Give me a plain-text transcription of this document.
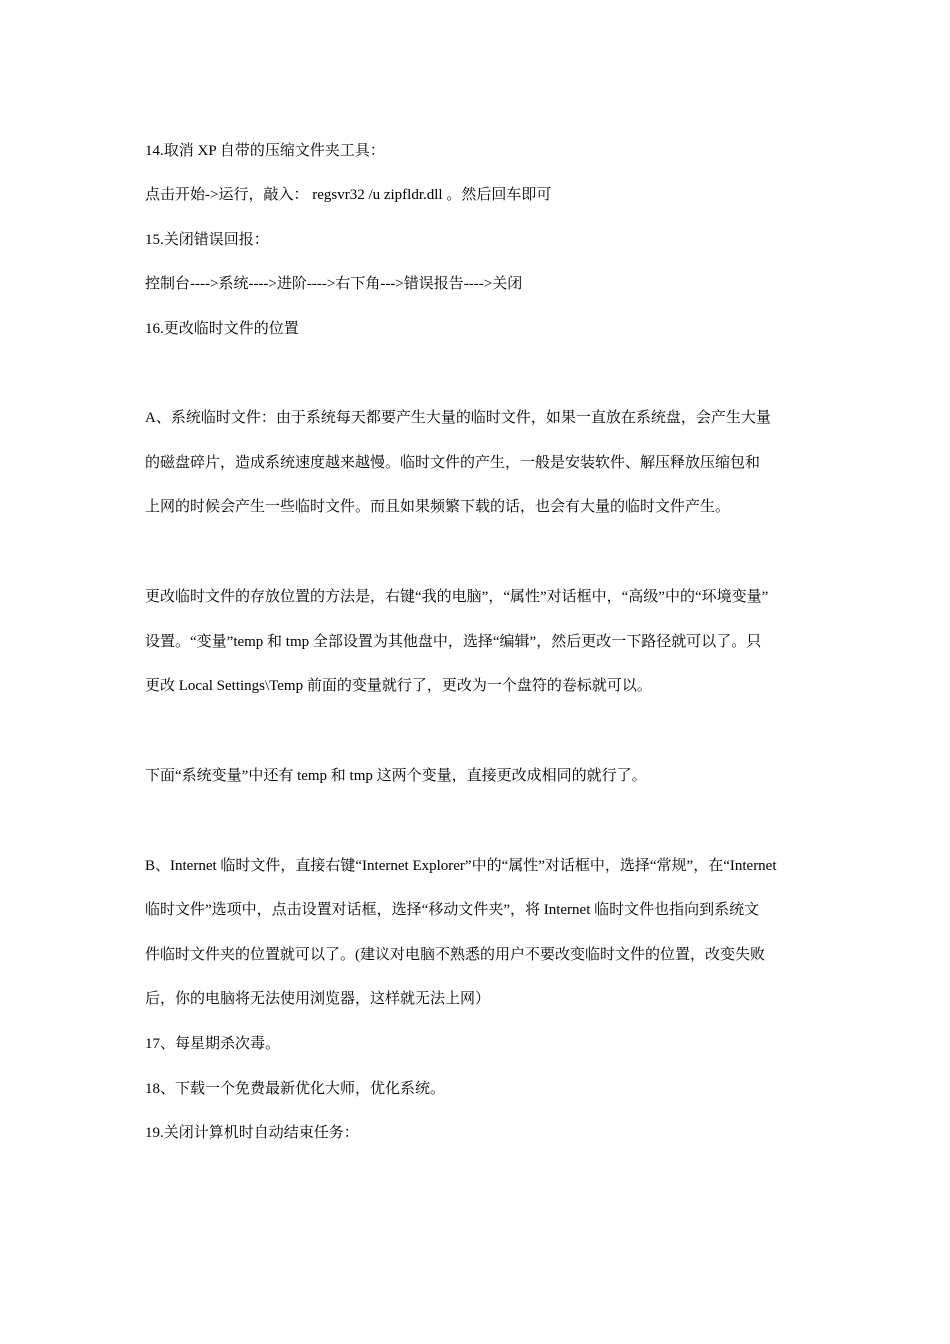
14.取消 XP 自带的压缩文件夹工具：
点击开始->运行，敲入： regsvr32 /u zipfldr.dll 。然后回车即可
15.关闭错误回报：
控制台---->系统---->进阶---->右下角--->错误报告---->关闭
16.更改临时文件的位置
A、系统临时文件：由于系统每天都要产生大量的临时文件，如果一直放在系统盘，会产生大量
的磁盘碎片，造成系统速度越来越慢。临时文件的产生，一般是安装软件、解压释放压缩包和
上网的时候会产生一些临时文件。而且如果频繁下载的话，也会有大量的临时文件产生。
更改临时文件的存放位置的方法是，右键“我的电脑”，“属性”对话框中，“高级”中的“环境变量”
设置。“变量”temp 和 tmp 全部设置为其他盘中，选择“编辑”，然后更改一下路径就可以了。只
更改 Local Settings\Temp 前面的变量就行了，更改为一个盘符的卷标就可以。
下面“系统变量”中还有 temp 和 tmp 这两个变量，直接更改成相同的就行了。
B、Internet 临时文件，直接右键“Internet Explorer”中的“属性”对话框中，选择“常规”，在“Internet
临时文件”选项中，点击设置对话框，选择“移动文件夹”，将 Internet 临时文件也指向到系统文
件临时文件夹的位置就可以了。(建议对电脑不熟悉的用户不要改变临时文件的位置，改变失败
后，你的电脑将无法使用浏览器，这样就无法上网）
17、每星期杀次毒。
18、下载一个免费最新优化大师，优化系统。
19.关闭计算机时自动结束任务：
